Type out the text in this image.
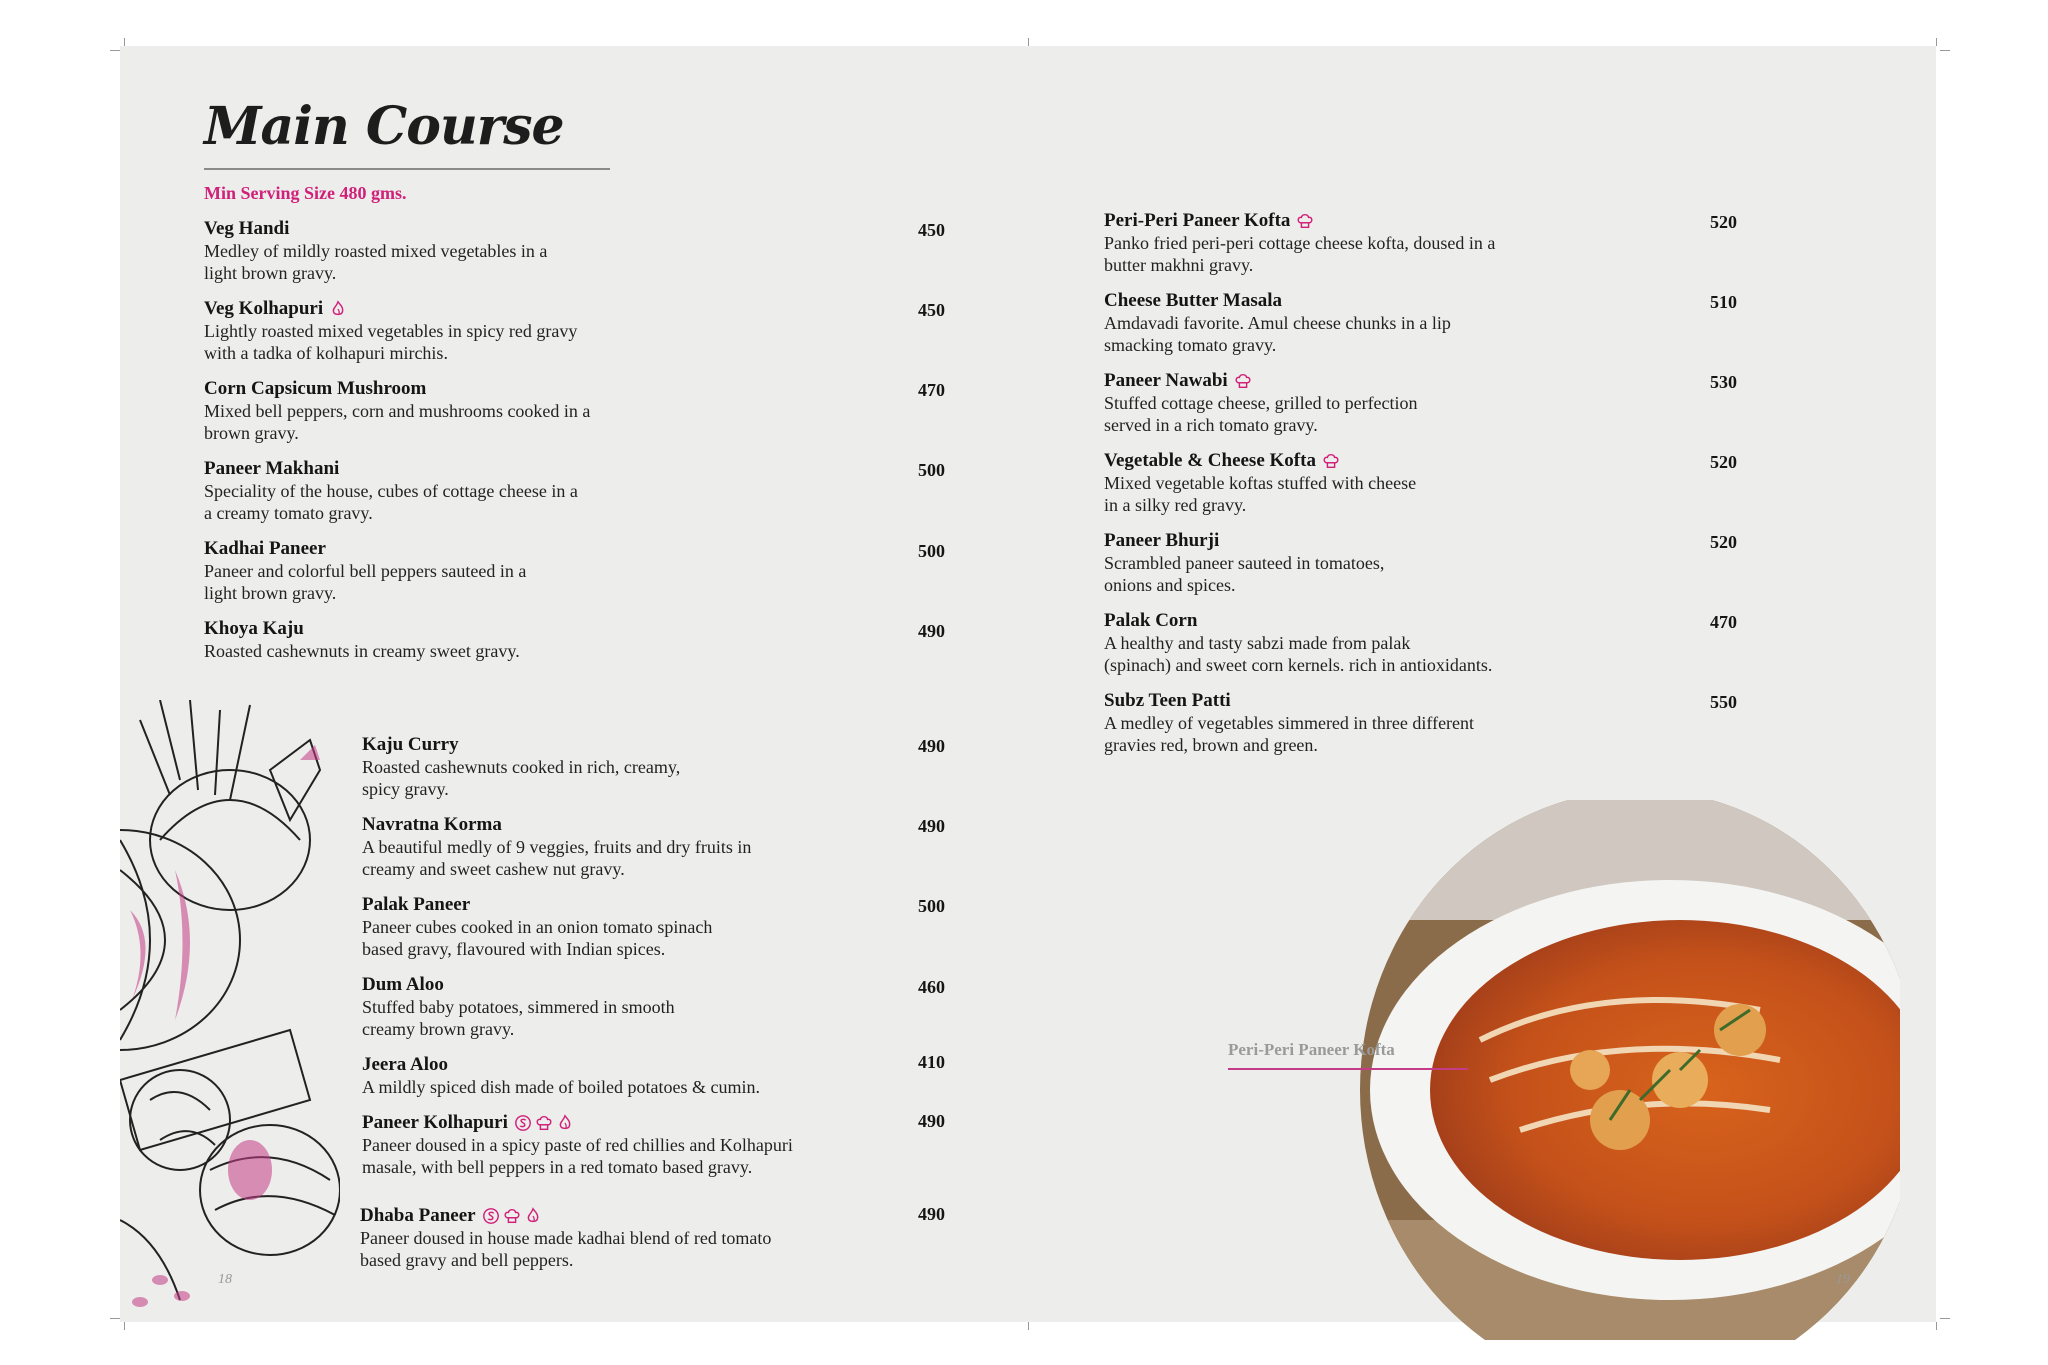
Main Course
Min Serving Size 480 gms.
Veg Handi
Medley of mildly roasted mixed vegetables in a
light brown gravy.
450
Veg Kolhapuri
Lightly roasted mixed vegetables in spicy red gravy
with a tadka of kolhapuri mirchis.
450
Corn Capsicum Mushroom
Mixed bell peppers, corn and mushrooms cooked in a
brown gravy.
470
Paneer Makhani
Speciality of the house, cubes of cottage cheese in a
a creamy tomato gravy.
500
Kadhai Paneer
Paneer and colorful bell peppers sauteed in a
light brown gravy.
500
Khoya Kaju
Roasted cashewnuts in creamy sweet gravy.
490
Kaju Curry
Roasted cashewnuts cooked in rich, creamy,
spicy gravy.
490
Navratna Korma
A beautiful medly of 9 veggies, fruits and dry fruits in
creamy and sweet cashew nut gravy.
490
Palak Paneer
Paneer cubes cooked in an onion tomato spinach
based gravy, flavoured with Indian spices.
500
Dum Aloo
Stuffed baby potatoes, simmered in smooth
creamy brown gravy.
460
Jeera Aloo
A mildly spiced dish made of boiled potatoes & cumin.
410
Paneer Kolhapuri
Paneer doused in a spicy paste of red chillies and Kolhapuri
masale, with bell peppers in a red tomato based gravy.
490
Dhaba Paneer
Paneer doused in house made kadhai blend of red tomato
based gravy and bell peppers.
490
Peri-Peri Paneer Kofta
Panko fried peri-peri cottage cheese kofta, doused in a
butter makhni gravy.
520
Cheese Butter Masala
Amdavadi favorite. Amul cheese chunks in a lip
smacking tomato gravy.
510
Paneer Nawabi
Stuffed cottage cheese, grilled to perfection
served in a rich tomato gravy.
530
Vegetable & Cheese Kofta
Mixed vegetable koftas stuffed with cheese
in a silky red gravy.
520
Paneer Bhurji
Scrambled paneer sauteed in tomatoes,
onions and spices.
520
Palak Corn
A healthy and tasty sabzi made from palak
(spinach) and sweet corn kernels. rich in antioxidants.
470
Subz Teen Patti
A medley of vegetables simmered in three different
gravies red, brown and green.
550
18	19
Peri-Peri Paneer Kofta
